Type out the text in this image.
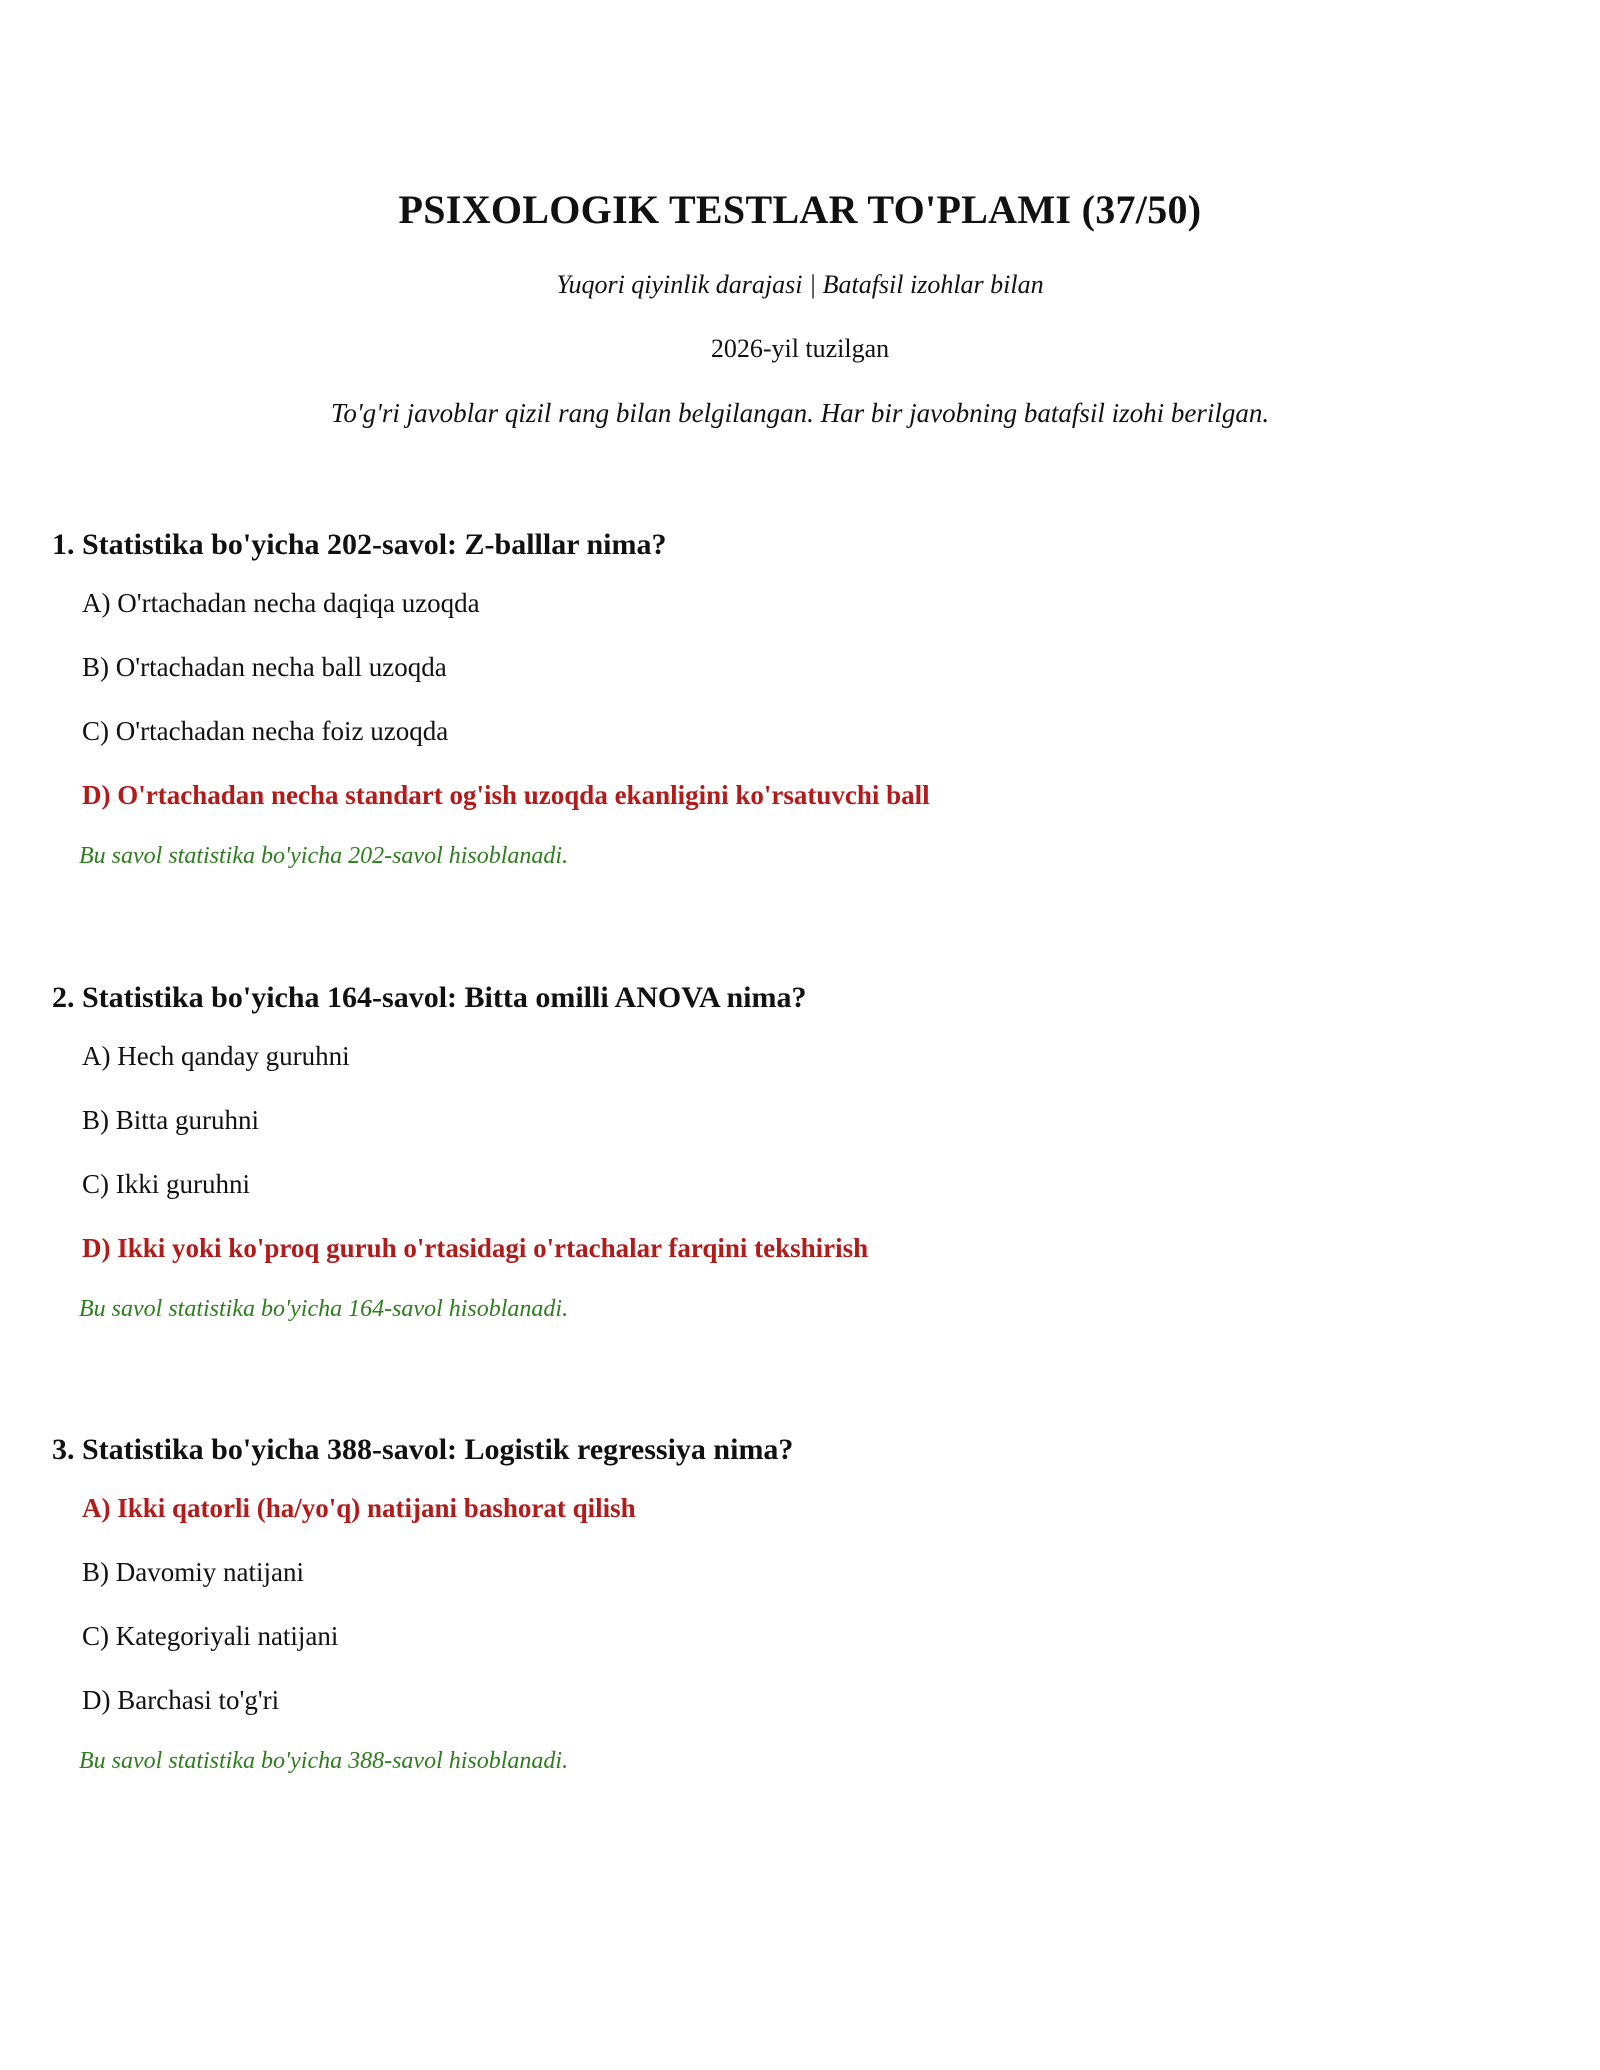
PSIXOLOGIK TESTLAR TO'PLAMI (37/50)
Yuqori qiyinlik darajasi | Batafsil izohlar bilan
2026-yil tuzilgan
To'g'ri javoblar qizil rang bilan belgilangan. Har bir javobning batafsil izohi berilgan.
1. Statistika bo'yicha 202-savol: Z-balllar nima?
A) O'rtachadan necha daqiqa uzoqda
B) O'rtachadan necha ball uzoqda
C) O'rtachadan necha foiz uzoqda
D) O'rtachadan necha standart og'ish uzoqda ekanligini ko'rsatuvchi ball
Bu savol statistika bo'yicha 202-savol hisoblanadi.
2. Statistika bo'yicha 164-savol: Bitta omilli ANOVA nima?
A) Hech qanday guruhni
B) Bitta guruhni
C) Ikki guruhni
D) Ikki yoki ko'proq guruh o'rtasidagi o'rtachalar farqini tekshirish
Bu savol statistika bo'yicha 164-savol hisoblanadi.
3. Statistika bo'yicha 388-savol: Logistik regressiya nima?
A) Ikki qatorli (ha/yo'q) natijani bashorat qilish
B) Davomiy natijani
C) Kategoriyali natijani
D) Barchasi to'g'ri
Bu savol statistika bo'yicha 388-savol hisoblanadi.
